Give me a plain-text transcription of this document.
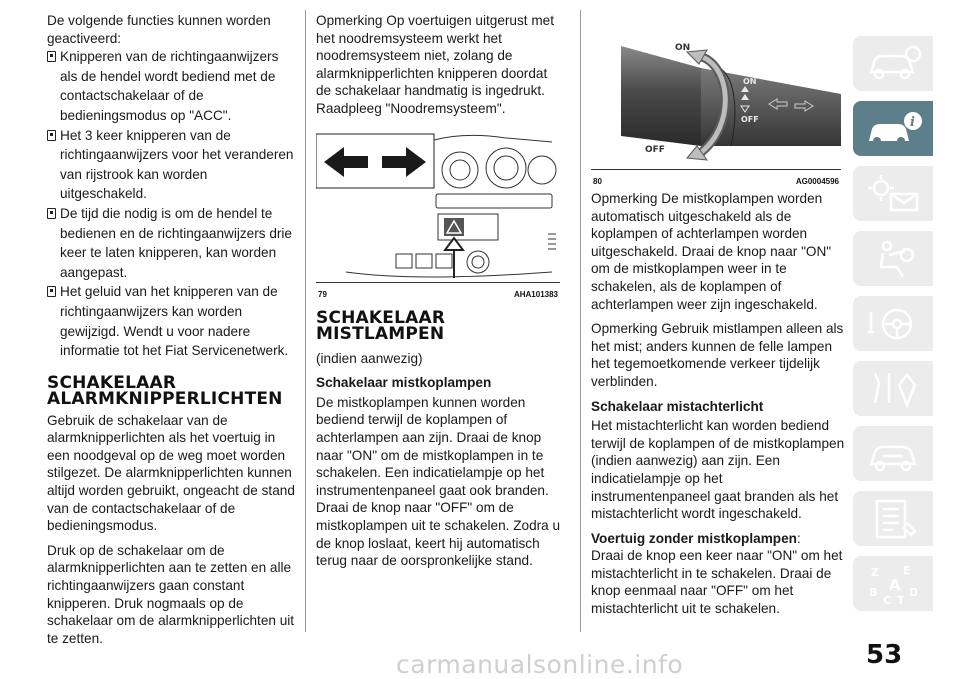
De volgende functies kunnen worden geactiveerd:

Knipperen van de richtingaanwijzers als de hendel wordt bediend met de contactschakelaar of de bedieningsmodus op "ACC".
Het 3 keer knipperen van de richtingaanwijzers voor het veranderen van rijstrook kan worden uitgeschakeld.
De tijd die nodig is om de hendel te bedienen en de richtingaanwijzers drie keer te laten knipperen, kan worden aangepast.
Het geluid van het knipperen van de richtingaanwijzers kan worden gewijzigd. Wendt u voor nadere informatie tot het Fiat Servicenetwerk.
SCHAKELAAR ALARMKNIPPERLICHTEN

Gebruik de schakelaar van de alarmknipperlichten als het voertuig in een noodgeval op de weg moet worden stilgezet. De alarmknipperlichten kunnen altijd worden gebruikt, ongeacht de stand van de contactschakelaar of de bedieningsmodus.

Druk op de schakelaar om de alarmknipperlichten aan te zetten en alle richtingaanwijzers gaan constant knipperen. Druk nogmaals op de schakelaar om de alarmknipperlichten uit te zetten.

Opmerking Op voertuigen uitgerust met het noodremsysteem werkt het noodremsysteem niet, zolang de alarmknipperlichten knipperen doordat de schakelaar handmatig is ingedrukt. Raadpleeg "Noodremsysteem".

79	AHA101383
SCHAKELAAR MISTLAMPEN

(indien aanwezig)

Schakelaar mistkoplampen

De mistkoplampen kunnen worden bediend terwijl de koplampen of achterlampen aan zijn. Draai de knop naar "ON" om de mistkoplampen in te schakelen. Een indicatielampje op het instrumentenpaneel gaat ook branden. Draai de knop naar "OFF" om de mistkoplampen uit te schakelen. Zodra u de knop loslaat, keert hij automatisch terug naar de oorspronkelijke stand.

ON
OFF
ON
OFF
80	AG0004596

Opmerking De mistkoplampen worden automatisch uitgeschakeld als de koplampen of achterlampen worden uitgeschakeld. Draai de knop naar "ON" om de mistkoplampen weer in te schakelen, als de koplampen of achterlampen weer zijn ingeschakeld.

Opmerking Gebruik mistlampen alleen als het mist; anders kunnen de felle lampen het tegemoetkomende verkeer tijdelijk verblinden.

Schakelaar mistachterlicht

Het mistachterlicht kan worden bediend terwijl de koplampen of de mistkoplampen (indien aanwezig) aan zijn. Een indicatielampje op het instrumentenpaneel gaat branden als het mistachterlicht wordt ingeschakeld.

Voertuig zonder mistkoplampen:

Draai de knop een keer naar "ON" om het mistachterlicht in te schakelen. Draai de knop eenmaal naar "OFF" om het mistachterlicht uit te schakelen.

i
Z E
B
C T
D
A
53
carmanualsonline.info
